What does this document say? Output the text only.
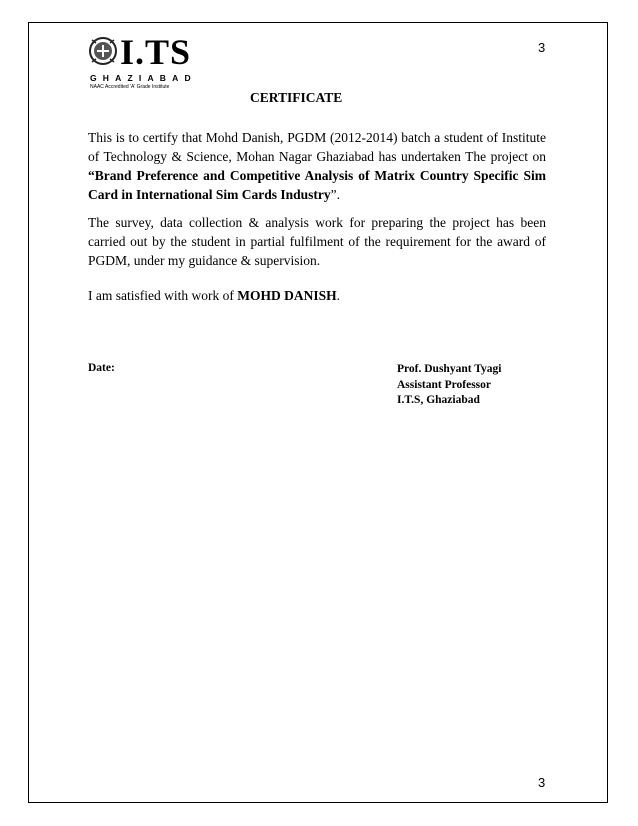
3
I.TS
GHAZIABAD
NAAC Accredited 'A' Grade Institute
CERTIFICATE
This is to certify that Mohd Danish, PGDM (2012-2014) batch a student of Institute of Technology & Science, Mohan Nagar Ghaziabad has undertaken The project on “Brand Preference and Competitive Analysis of Matrix Country Specific Sim Card in International Sim Cards Industry”.
The survey, data collection & analysis work for preparing the project has been carried out by the student in partial fulfilment of the requirement for the award of PGDM, under my guidance & supervision.
I am satisfied with work of MOHD DANISH.
Date:	Prof. Dushyant Tyagi
Assistant Professor
I.T.S, Ghaziabad
3
